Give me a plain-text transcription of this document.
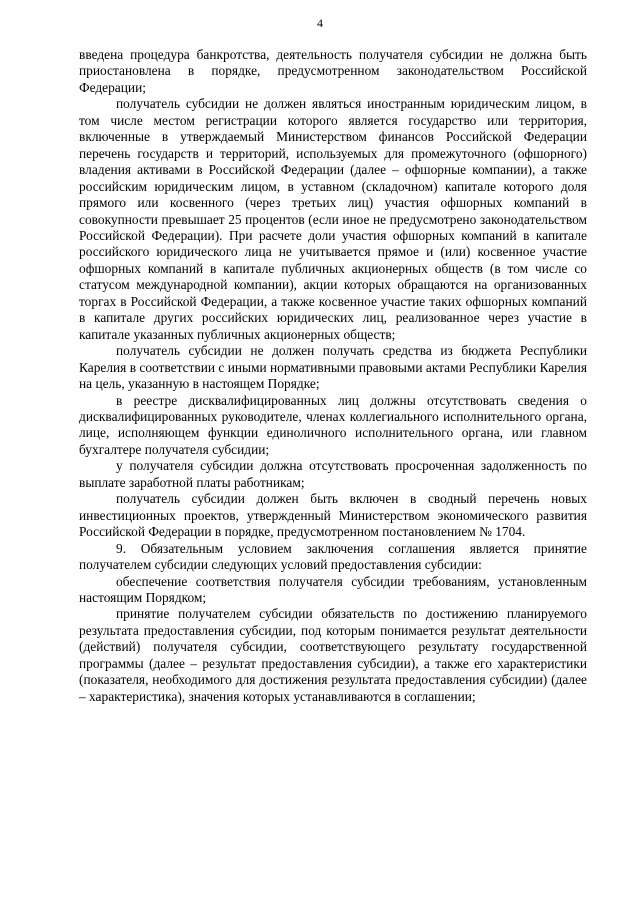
4

введена процедура банкротства, деятельность получателя субсидии не должна быть приостановлена в порядке, предусмотренном законодательством Российской Федерации;

получатель субсидии не должен являться иностранным юридическим лицом, в том числе местом регистрации которого является государство или территория, включенные в утверждаемый Министерством финансов Российской Федерации перечень государств и территорий, используемых для промежуточного (офшорного) владения активами в Российской Федерации (далее – офшорные компании), а также российским юридическим лицом, в уставном (складочном) капитале которого доля прямого или косвенного (через третьих лиц) участия офшорных компаний в совокупности превышает 25 процентов (если иное не предусмотрено законодательством Российской Федерации). При расчете доли участия офшорных компаний в капитале российского юридического лица не учитывается прямое и (или) косвенное участие офшорных компаний в капитале публичных акционерных обществ (в том числе со статусом международной компании), акции которых обращаются на организованных торгах в Российской Федерации, а также косвенное участие таких офшорных компаний в капитале других российских юридических лиц, реализованное через участие в капитале указанных публичных акционерных обществ;

получатель субсидии не должен получать средства из бюджета Республики Карелия в соответствии с иными нормативными правовыми актами Республики Карелия на цель, указанную в настоящем Порядке;

в реестре дисквалифицированных лиц должны отсутствовать сведения о дисквалифицированных руководителе, членах коллегиального исполнительного органа, лице, исполняющем функции единоличного исполнительного органа, или главном бухгалтере получателя субсидии;

у получателя субсидии должна отсутствовать просроченная задолженность по выплате заработной платы работникам;

получатель субсидии должен быть включен в сводный перечень новых инвестиционных проектов, утвержденный Министерством экономического развития Российской Федерации в порядке, предусмотренном постановлением № 1704.

9. Обязательным условием заключения соглашения является принятие получателем субсидии следующих условий предоставления субсидии:

обеспечение соответствия получателя субсидии требованиям, установленным настоящим Порядком;

принятие получателем субсидии обязательств по достижению планируемого результата предоставления субсидии, под которым понимается результат деятельности (действий) получателя субсидии, соответствующего результату государственной программы (далее – результат предоставления субсидии), а также его характеристики (показателя, необходимого для достижения результата предоставления субсидии) (далее – характеристика), значения которых устанавливаются в соглашении;
